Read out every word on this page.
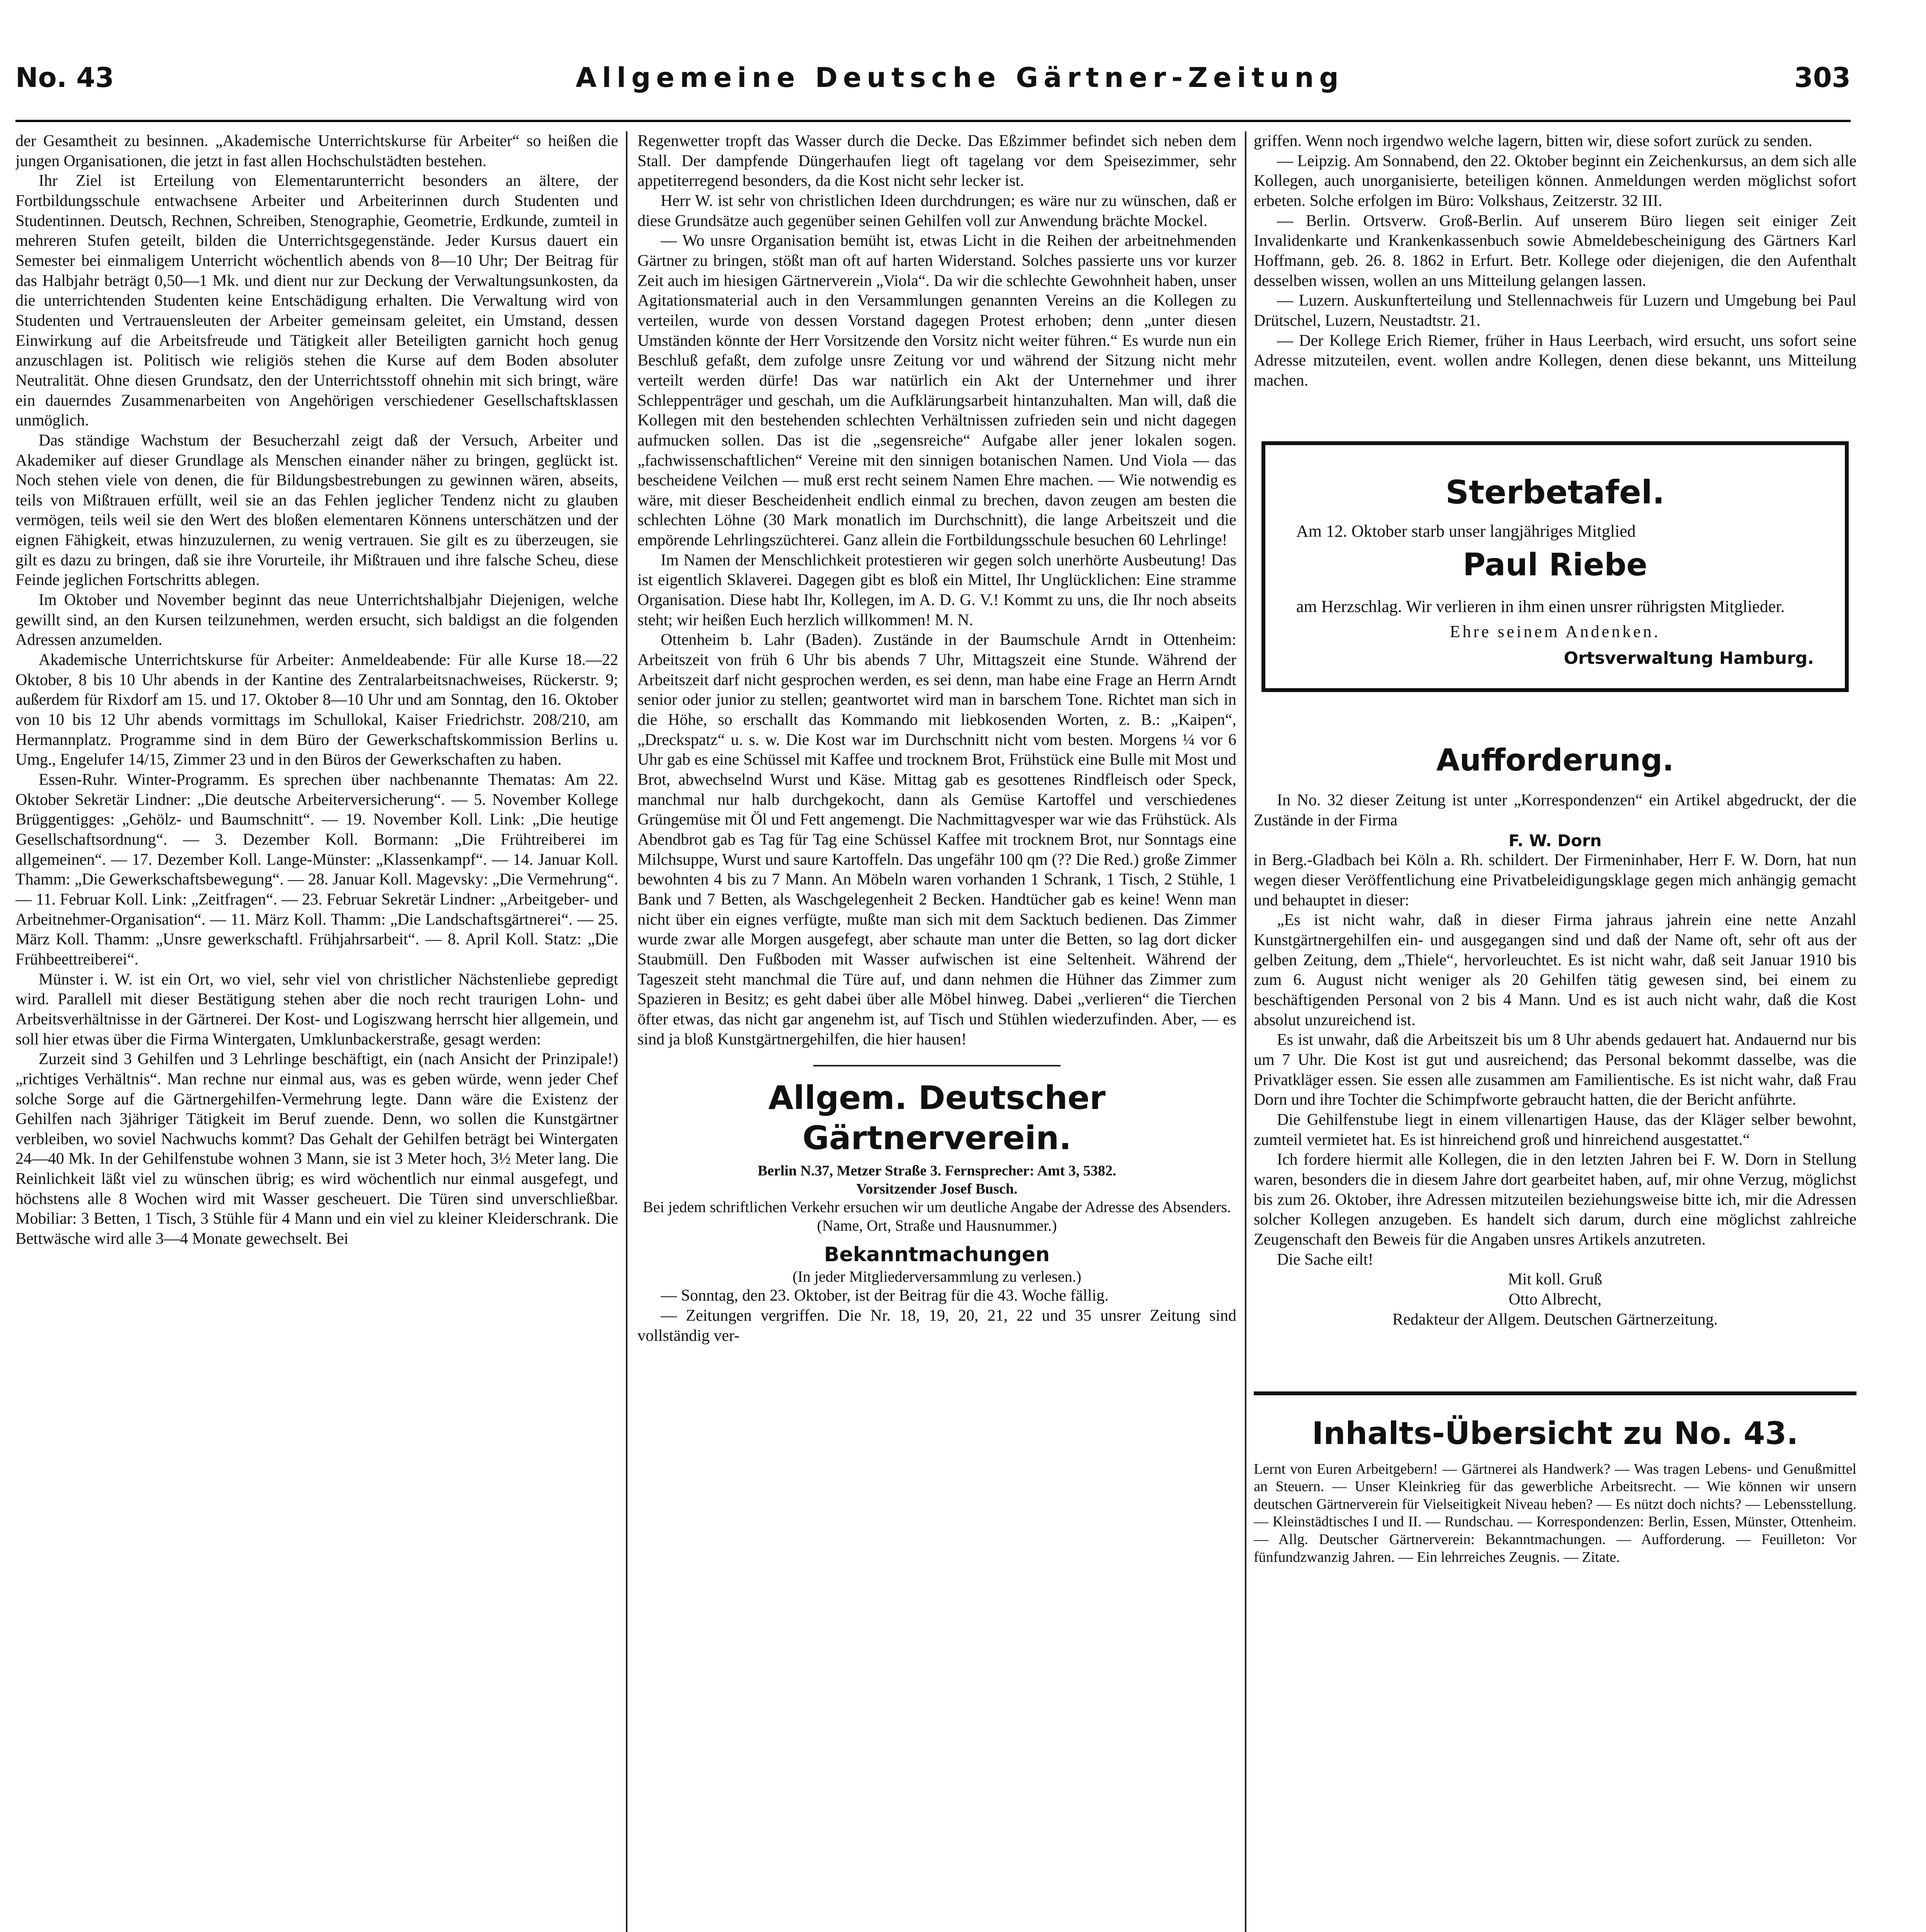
No. 43	Allgemeine Deutsche Gärtner-Zeitung	303

der Gesamtheit zu besinnen. „Akademische Unterrichtskurse für Arbeiter“ so heißen die jungen Organisationen, die jetzt in fast allen Hochschulstädten bestehen.

Ihr Ziel ist Erteilung von Elementarunterricht besonders an ältere, der Fortbildungsschule entwachsene Arbeiter und Arbeiterinnen durch Studenten und Studentinnen. Deutsch, Rechnen, Schreiben, Stenographie, Geometrie, Erdkunde, zumteil in mehreren Stufen geteilt, bilden die Unterrichtsgegenstände. Jeder Kursus dauert ein Semester bei einmaligem Unterricht wöchentlich abends von 8—10 Uhr; Der Beitrag für das Halbjahr beträgt 0,50—1 Mk. und dient nur zur Deckung der Verwaltungsunkosten, da die unterrichtenden Studenten keine Entschädigung erhalten. Die Verwaltung wird von Studenten und Vertrauensleuten der Arbeiter gemeinsam geleitet, ein Umstand, dessen Einwirkung auf die Arbeitsfreude und Tätigkeit aller Beteiligten garnicht hoch genug anzuschlagen ist. Politisch wie religiös stehen die Kurse auf dem Boden absoluter Neutralität. Ohne diesen Grundsatz, den der Unterrichtsstoff ohnehin mit sich bringt, wäre ein dauerndes Zusammenarbeiten von Angehörigen verschiedener Gesellschaftsklassen unmöglich.

Das ständige Wachstum der Besucherzahl zeigt daß der Versuch, Arbeiter und Akademiker auf dieser Grundlage als Menschen einander näher zu bringen, geglückt ist. Noch stehen viele von denen, die für Bildungsbestrebungen zu gewinnen wären, abseits, teils von Mißtrauen erfüllt, weil sie an das Fehlen jeglicher Tendenz nicht zu glauben vermögen, teils weil sie den Wert des bloßen elementaren Könnens unterschätzen und der eignen Fähigkeit, etwas hinzuzulernen, zu wenig vertrauen. Sie gilt es zu überzeugen, sie gilt es dazu zu bringen, daß sie ihre Vorurteile, ihr Mißtrauen und ihre falsche Scheu, diese Feinde jeglichen Fortschritts ablegen.

Im Oktober und November beginnt das neue Unterrichtshalbjahr Diejenigen, welche gewillt sind, an den Kursen teilzunehmen, werden ersucht, sich baldigst an die folgenden Adressen anzumelden.

Akademische Unterrichtskurse für Arbeiter: Anmeldeabende: Für alle Kurse 18.—22 Oktober, 8 bis 10 Uhr abends in der Kantine des Zentralarbeitsnachweises, Rückerstr. 9; außerdem für Rixdorf am 15. und 17. Oktober 8—10 Uhr und am Sonntag, den 16. Oktober von 10 bis 12 Uhr abends vormittags im Schullokal, Kaiser Friedrichstr. 208/210, am Hermannplatz. Programme sind in dem Büro der Gewerkschaftskommission Berlins u. Umg., Engelufer 14/15, Zimmer 23 und in den Büros der Gewerkschaften zu haben.

Essen-Ruhr. Winter-Programm. Es sprechen über nachbenannte Thematas: Am 22. Oktober Sekretär Lindner: „Die deutsche Arbeiterversicherung“. — 5. November Kollege Brüggentigges: „Gehölz- und Baumschnitt“. — 19. November Koll. Link: „Die heutige Gesellschaftsordnung“. — 3. Dezember Koll. Bormann: „Die Frühtreiberei im allgemeinen“. — 17. Dezember Koll. Lange-Münster: „Klassenkampf“. — 14. Januar Koll. Thamm: „Die Gewerkschaftsbewegung“. — 28. Januar Koll. Magevsky: „Die Vermehrung“. — 11. Februar Koll. Link: „Zeitfragen“. — 23. Februar Sekretär Lindner: „Arbeitgeber- und Arbeitnehmer-Organisation“. — 11. März Koll. Thamm: „Die Landschaftsgärtnerei“. — 25. März Koll. Thamm: „Unsre gewerkschaftl. Frühjahrsarbeit“. — 8. April Koll. Statz: „Die Frühbeettreiberei“.

Münster i. W. ist ein Ort, wo viel, sehr viel von christlicher Nächstenliebe gepredigt wird. Parallell mit dieser Bestätigung stehen aber die noch recht traurigen Lohn- und Arbeitsverhältnisse in der Gärtnerei. Der Kost- und Logiszwang herrscht hier allgemein, und soll hier etwas über die Firma Wintergaten, Umklunbackerstraße, gesagt werden:

Zurzeit sind 3 Gehilfen und 3 Lehrlinge beschäftigt, ein (nach Ansicht der Prinzipale!) „richtiges Verhältnis“. Man rechne nur einmal aus, was es geben würde, wenn jeder Chef solche Sorge auf die Gärtnergehilfen-Vermehrung legte. Dann wäre die Existenz der Gehilfen nach 3jähriger Tätigkeit im Beruf zuende. Denn, wo sollen die Kunstgärtner verbleiben, wo soviel Nachwuchs kommt? Das Gehalt der Gehilfen beträgt bei Wintergaten 24—40 Mk. In der Gehilfenstube wohnen 3 Mann, sie ist 3 Meter hoch, 3½ Meter lang. Die Reinlichkeit läßt viel zu wünschen übrig; es wird wöchentlich nur einmal ausgefegt, und höchstens alle 8 Wochen wird mit Wasser gescheuert. Die Türen sind unverschließbar. Mobiliar: 3 Betten, 1 Tisch, 3 Stühle für 4 Mann und ein viel zu kleiner Kleiderschrank. Die Bettwäsche wird alle 3—4 Monate gewechselt. Bei

Regenwetter tropft das Wasser durch die Decke. Das Eßzimmer befindet sich neben dem Stall. Der dampfende Düngerhaufen liegt oft tagelang vor dem Speisezimmer, sehr appetiterregend besonders, da die Kost nicht sehr lecker ist.

Herr W. ist sehr von christlichen Ideen durchdrungen; es wäre nur zu wünschen, daß er diese Grundsätze auch gegenüber seinen Gehilfen voll zur Anwendung brächte Mockel.

— Wo unsre Organisation bemüht ist, etwas Licht in die Reihen der arbeitnehmenden Gärtner zu bringen, stößt man oft auf harten Widerstand. Solches passierte uns vor kurzer Zeit auch im hiesigen Gärtnerverein „Viola“. Da wir die schlechte Gewohnheit haben, unser Agitationsmaterial auch in den Versammlungen genannten Vereins an die Kollegen zu verteilen, wurde von dessen Vorstand dagegen Protest erhoben; denn „unter diesen Umständen könnte der Herr Vorsitzende den Vorsitz nicht weiter führen.“ Es wurde nun ein Beschluß gefaßt, dem zufolge unsre Zeitung vor und während der Sitzung nicht mehr verteilt werden dürfe! Das war natürlich ein Akt der Unternehmer und ihrer Schleppenträger und geschah, um die Aufklärungsarbeit hintanzuhalten. Man will, daß die Kollegen mit den bestehenden schlechten Verhältnissen zufrieden sein und nicht dagegen aufmucken sollen. Das ist die „segensreiche“ Aufgabe aller jener lokalen sogen. „fachwissenschaftlichen“ Vereine mit den sinnigen botanischen Namen. Und Viola — das bescheidene Veilchen — muß erst recht seinem Namen Ehre machen. — Wie notwendig es wäre, mit dieser Bescheidenheit endlich einmal zu brechen, davon zeugen am besten die schlechten Löhne (30 Mark monatlich im Durchschnitt), die lange Arbeitszeit und die empörende Lehrlingszüchterei. Ganz allein die Fortbildungsschule besuchen 60 Lehrlinge!

Im Namen der Menschlichkeit protestieren wir gegen solch unerhörte Ausbeutung! Das ist eigentlich Sklaverei. Dagegen gibt es bloß ein Mittel, Ihr Unglücklichen: Eine stramme Organisation. Diese habt Ihr, Kollegen, im A. D. G. V.! Kommt zu uns, die Ihr noch abseits steht; wir heißen Euch herzlich willkommen! M. N.

Ottenheim b. Lahr (Baden). Zustände in der Baumschule Arndt in Ottenheim: Arbeitszeit von früh 6 Uhr bis abends 7 Uhr, Mittagszeit eine Stunde. Während der Arbeitszeit darf nicht gesprochen werden, es sei denn, man habe eine Frage an Herrn Arndt senior oder junior zu stellen; geantwortet wird man in barschem Tone. Richtet man sich in die Höhe, so erschallt das Kommando mit liebkosenden Worten, z. B.: „Kaipen“, „Dreckspatz“ u. s. w. Die Kost war im Durchschnitt nicht vom besten. Morgens ¼ vor 6 Uhr gab es eine Schüssel mit Kaffee und trocknem Brot, Frühstück eine Bulle mit Most und Brot, abwechselnd Wurst und Käse. Mittag gab es gesottenes Rindfleisch oder Speck, manchmal nur halb durchgekocht, dann als Gemüse Kartoffel und verschiedenes Grüngemüse mit Öl und Fett angemengt. Die Nachmittagvesper war wie das Frühstück. Als Abendbrot gab es Tag für Tag eine Schüssel Kaffee mit trocknem Brot, nur Sonntags eine Milchsuppe, Wurst und saure Kartoffeln. Das ungefähr 100 qm (?? Die Red.) große Zimmer bewohnten 4 bis zu 7 Mann. An Möbeln waren vorhanden 1 Schrank, 1 Tisch, 2 Stühle, 1 Bank und 7 Betten, als Waschgelegenheit 2 Becken. Handtücher gab es keine! Wenn man nicht über ein eignes verfügte, mußte man sich mit dem Sacktuch bedienen. Das Zimmer wurde zwar alle Morgen ausgefegt, aber schaute man unter die Betten, so lag dort dicker Staubmüll. Den Fußboden mit Wasser aufwischen ist eine Seltenheit. Während der Tageszeit steht manchmal die Türe auf, und dann nehmen die Hühner das Zimmer zum Spazieren in Besitz; es geht dabei über alle Möbel hinweg. Dabei „verlieren“ die Tierchen öfter etwas, das nicht gar angenehm ist, auf Tisch und Stühlen wiederzufinden. Aber, — es sind ja bloß Kunstgärtnergehilfen, die hier hausen!

Allgem. Deutscher Gärtnerverein.
Berlin N.37, Metzer Straße 3. Fernsprecher: Amt 3, 5382.
Vorsitzender Josef Busch.
Bei jedem schriftlichen Verkehr ersuchen wir um deutliche Angabe der Adresse des Absenders. (Name, Ort, Straße und Hausnummer.)
Bekanntmachungen
(In jeder Mitgliederversammlung zu verlesen.)

— Sonntag, den 23. Oktober, ist der Beitrag für die 43. Woche fällig.

— Zeitungen vergriffen. Die Nr. 18, 19, 20, 21, 22 und 35 unsrer Zeitung sind vollständig ver-

griffen. Wenn noch irgendwo welche lagern, bitten wir, diese sofort zurück zu senden.

— Leipzig. Am Sonnabend, den 22. Oktober beginnt ein Zeichenkursus, an dem sich alle Kollegen, auch unorganisierte, beteiligen können. Anmeldungen werden möglichst sofort erbeten. Solche erfolgen im Büro: Volkshaus, Zeitzerstr. 32 III.

— Berlin. Ortsverw. Groß-Berlin. Auf unserem Büro liegen seit einiger Zeit Invalidenkarte und Krankenkassenbuch sowie Abmeldebescheinigung des Gärtners Karl Hoffmann, geb. 26. 8. 1862 in Erfurt. Betr. Kollege oder diejenigen, die den Aufenthalt desselben wissen, wollen an uns Mitteilung gelangen lassen.

— Luzern. Auskunfterteilung und Stellennachweis für Luzern und Umgebung bei Paul Drütschel, Luzern, Neustadtstr. 21.

— Der Kollege Erich Riemer, früher in Haus Leerbach, wird ersucht, uns sofort seine Adresse mitzuteilen, event. wollen andre Kollegen, denen diese bekannt, uns Mitteilung machen.

Sterbetafel.
Am 12. Oktober starb unser langjähriges Mitglied
Paul Riebe
am Herzschlag. Wir verlieren in ihm einen unsrer rührigsten Mitglieder.
Ehre seinem Andenken.
Ortsverwaltung Hamburg.
Aufforderung.

In No. 32 dieser Zeitung ist unter „Korrespondenzen“ ein Artikel abgedruckt, der die Zustände in der Firma

F. W. Dorn

in Berg.-Gladbach bei Köln a. Rh. schildert. Der Firmeninhaber, Herr F. W. Dorn, hat nun wegen dieser Veröffentlichung eine Privatbeleidigungsklage gegen mich anhängig gemacht und behauptet in dieser:

„Es ist nicht wahr, daß in dieser Firma jahraus jahrein eine nette Anzahl Kunstgärtnergehilfen ein- und ausgegangen sind und daß der Name oft, sehr oft aus der gelben Zeitung, dem „Thiele“, hervorleuchtet. Es ist nicht wahr, daß seit Januar 1910 bis zum 6. August nicht weniger als 20 Gehilfen tätig gewesen sind, bei einem zu beschäftigenden Personal von 2 bis 4 Mann. Und es ist auch nicht wahr, daß die Kost absolut unzureichend ist.

Es ist unwahr, daß die Arbeitszeit bis um 8 Uhr abends gedauert hat. Andauernd nur bis um 7 Uhr. Die Kost ist gut und ausreichend; das Personal bekommt dasselbe, was die Privatkläger essen. Sie essen alle zusammen am Familientische. Es ist nicht wahr, daß Frau Dorn und ihre Tochter die Schimpfworte gebraucht hatten, die der Bericht anführte.

Die Gehilfenstube liegt in einem villenartigen Hause, das der Kläger selber bewohnt, zumteil vermietet hat. Es ist hinreichend groß und hinreichend ausgestattet.“

Ich fordere hiermit alle Kollegen, die in den letzten Jahren bei F. W. Dorn in Stellung waren, besonders die in diesem Jahre dort gearbeitet haben, auf, mir ohne Verzug, möglichst bis zum 26. Oktober, ihre Adressen mitzuteilen beziehungsweise bitte ich, mir die Adressen solcher Kollegen anzugeben. Es handelt sich darum, durch eine möglichst zahlreiche Zeugenschaft den Beweis für die Angaben unsres Artikels anzutreten.

Die Sache eilt!

Mit koll. Gruß
Otto Albrecht,
Redakteur der Allgem. Deutschen Gärtnerzeitung.
Inhalts-Übersicht zu No. 43.
Lernt von Euren Arbeitgebern! — Gärtnerei als Handwerk? — Was tragen Lebens- und Genußmittel an Steuern. — Unser Kleinkrieg für das gewerbliche Arbeitsrecht. — Wie können wir unsern deutschen Gärtnerverein für Vielseitigkeit Niveau heben? — Es nützt doch nichts? — Lebensstellung. — Kleinstädtisches I und II. — Rundschau. — Korrespondenzen: Berlin, Essen, Münster, Ottenheim. — Allg. Deutscher Gärtnerverein: Bekanntmachungen. — Aufforderung. — Feuilleton: Vor fünfundzwanzig Jahren. — Ein lehrreiches Zeugnis. — Zitate.
